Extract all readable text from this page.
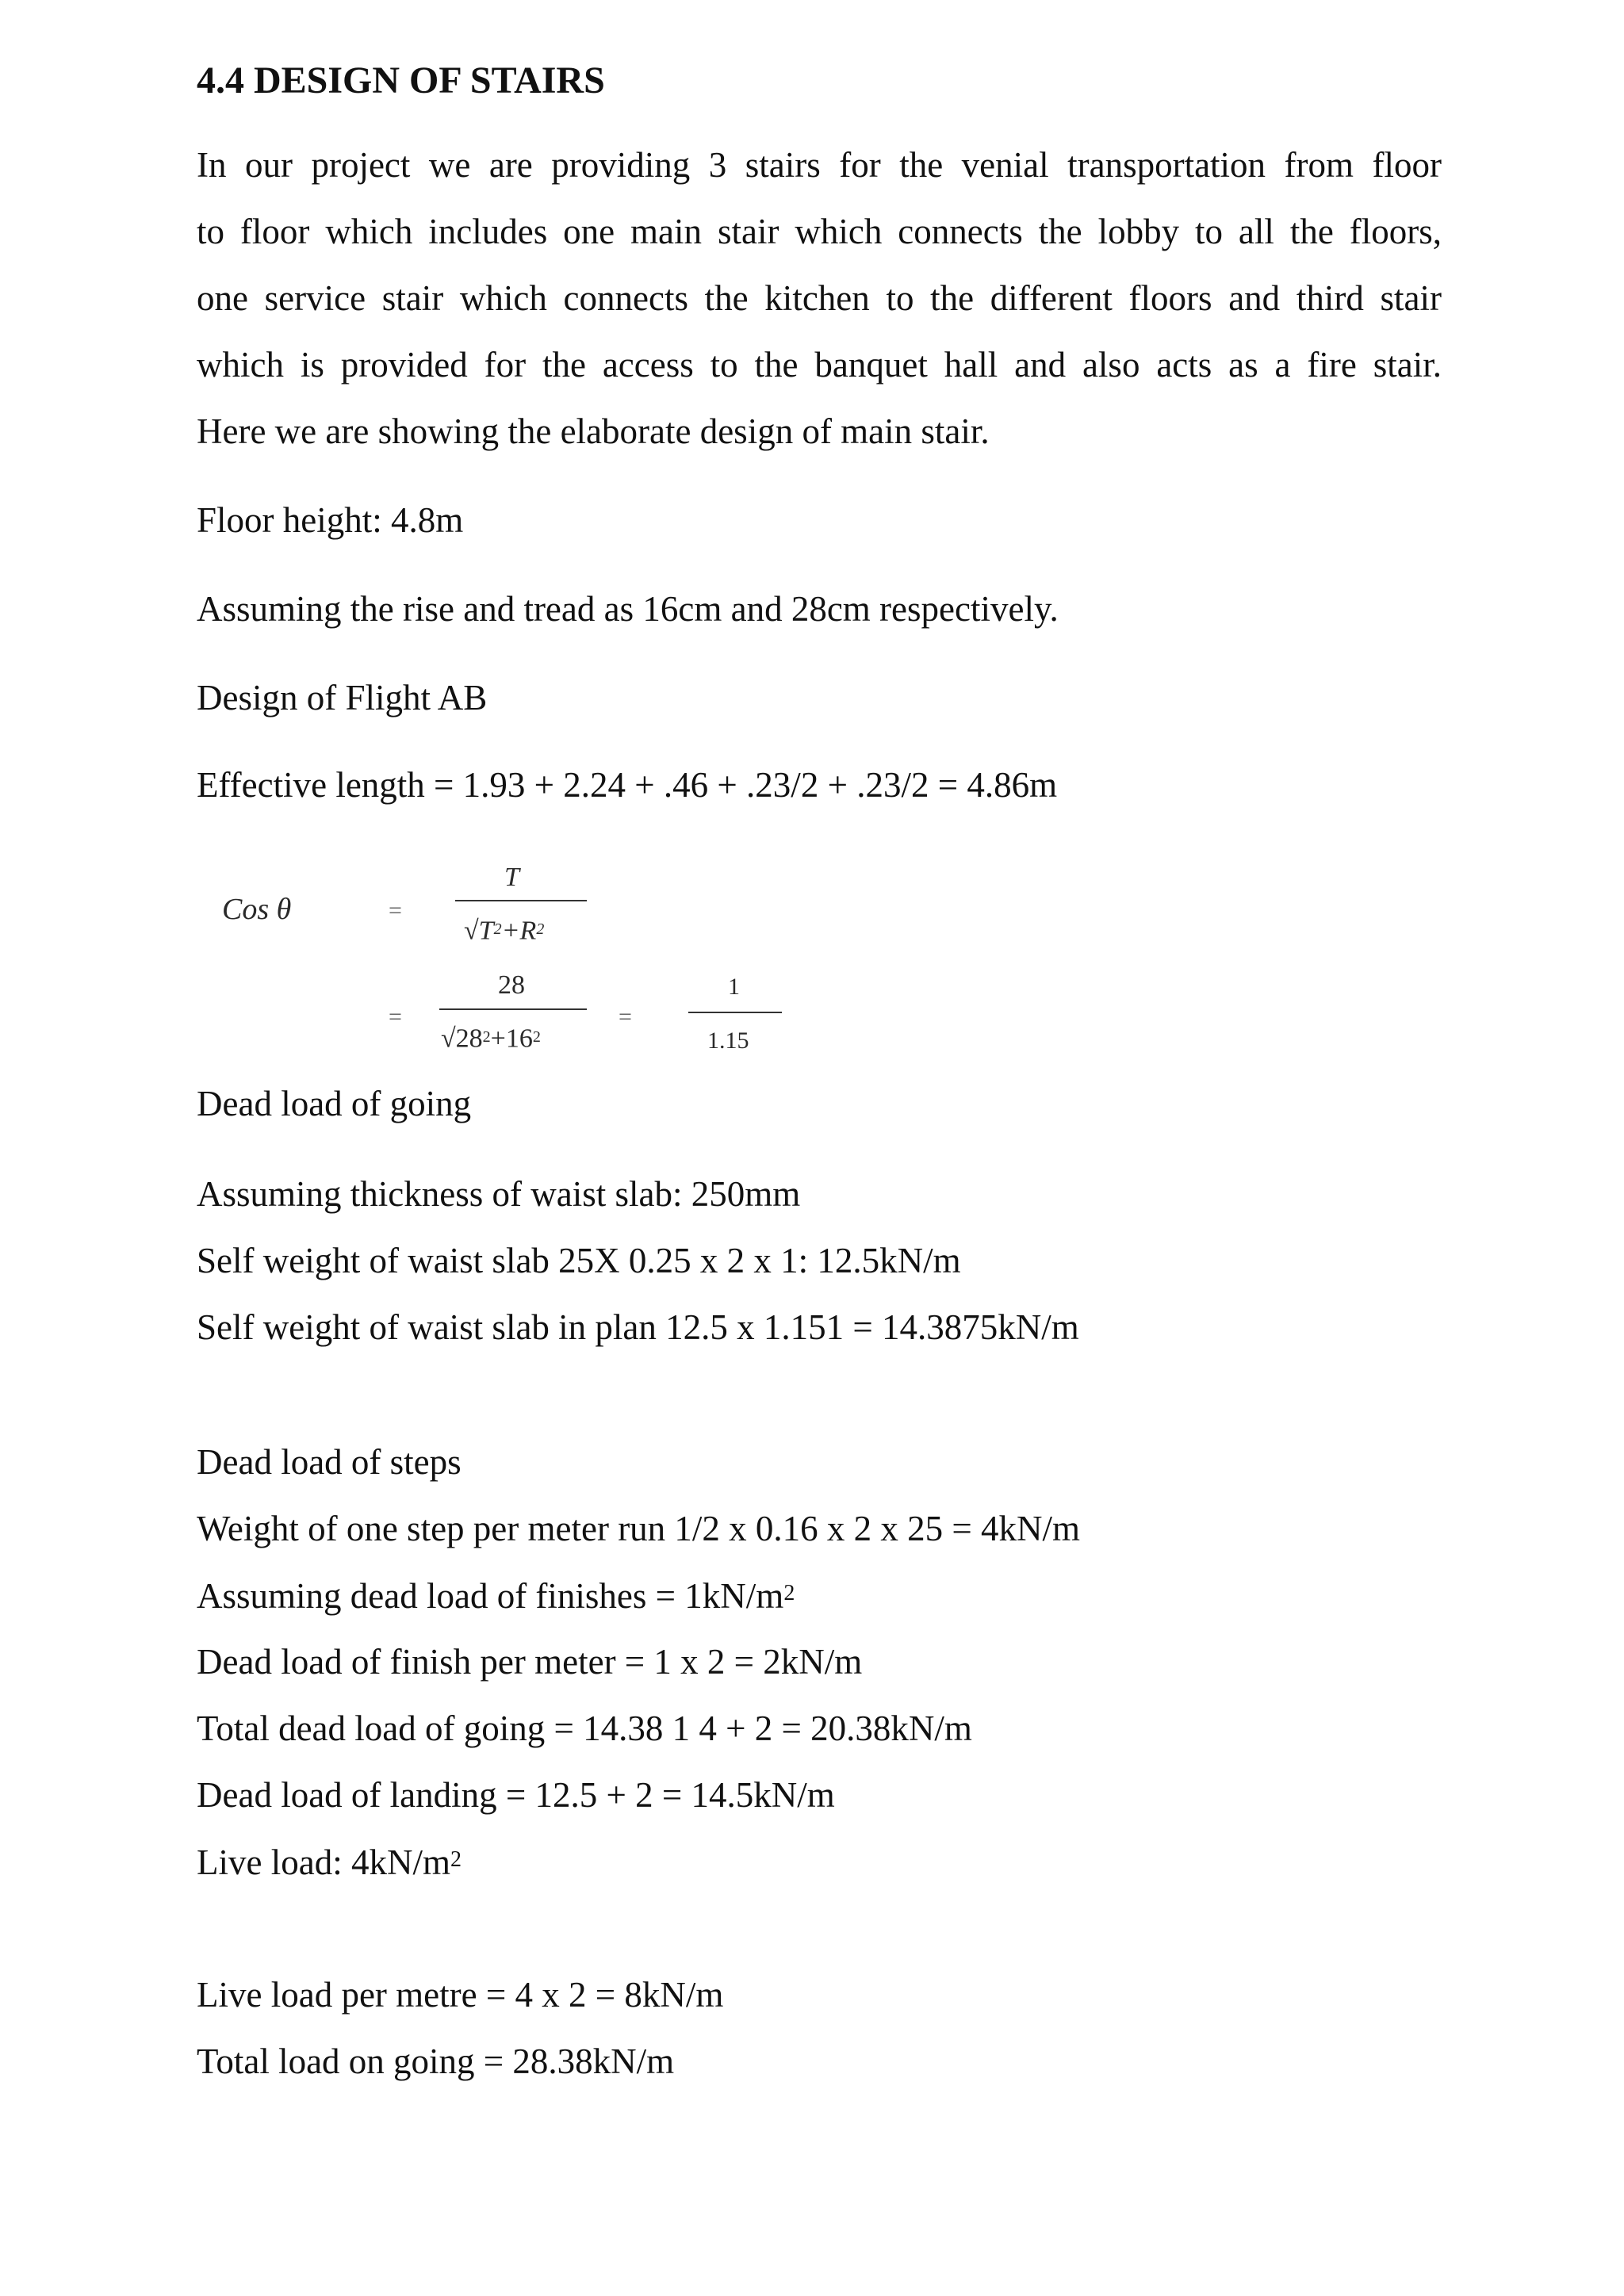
4.4 DESIGN OF STAIRS
In our project we are providing 3 stairs for the venial transportation from floor
to floor which includes one main stair which connects the lobby to all the floors,
one service stair which connects the kitchen to the different floors and third stair
which is provided for the access to the banquet hall and also acts as a fire stair.
Here we are showing the elaborate design of main stair.
Floor height: 4.8m
Assuming the rise and tread as 16cm and 28cm respectively.
Design of Flight AB
Effective length = 1.93 + 2.24 + .46 + .23/2 + .23/2 = 4.86m
Cos θ	=
T
$√T^2+R^2$
=
28
$√28^2+16^2$
=
1
1.15
Dead load of going
Assuming thickness of waist slab: 250mm
Self weight of waist slab 25X 0.25 x 2 x 1: 12.5kN/m
Self weight of waist slab in plan 12.5 x 1.151 = 14.3875kN/m
Dead load of steps
Weight of one step per meter run 1/2 x 0.16 x 2 x 25 = 4kN/m
Assuming dead load of finishes = $1kN/m^2$
Dead load of finish per meter = 1 x 2 = 2kN/m
Total dead load of going = 14.38 1 4 + 2 = 20.38kN/m
Dead load of landing = 12.5 + 2 = 14.5kN/m
Live load: $4kN/m^2$
Live load per metre = 4 x 2 = 8kN/m
Total load on going = 28.38kN/m
